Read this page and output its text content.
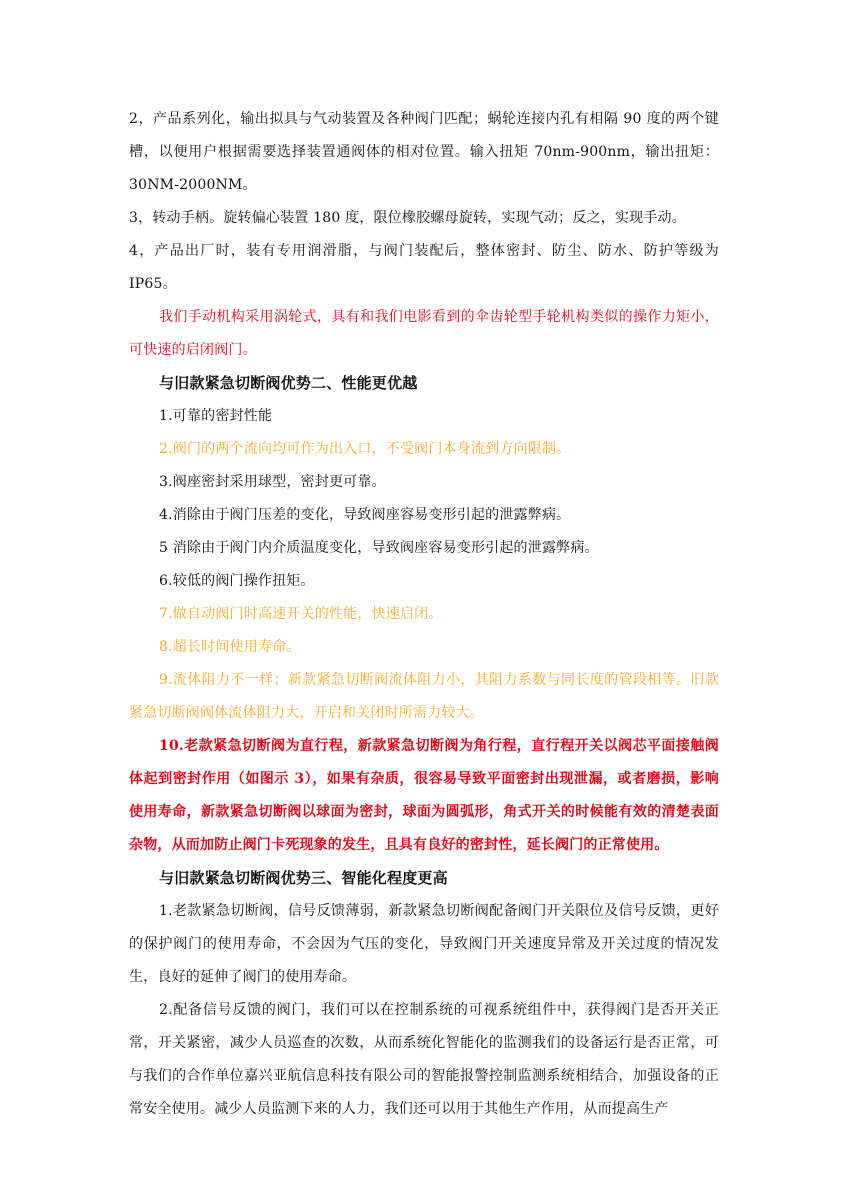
2，产品系列化，输出拟具与气动装置及各种阀门匹配；蜗轮连接内孔有相隔 90 度的两个键槽，以便用户根据需要选择装置通阀体的相对位置。输入扭矩 70nm-900nm，输出扭矩：30NM-2000NM。

3，转动手柄。旋转偏心装置 180 度，限位橡胶螺母旋转，实现气动；反之，实现手动。

4，产品出厂时，装有专用润滑脂，与阀门装配后，整体密封、防尘、防水、防护等级为 IP65。

我们手动机构采用涡轮式，具有和我们电影看到的伞齿轮型手轮机构类似的操作力矩小，可快速的启闭阀门。

与旧款紧急切断阀优势二、性能更优越

1.可靠的密封性能

2.阀门的两个流向均可作为出入口，不受阀门本身流到方向限制。

3.阀座密封采用球型，密封更可靠。

4.消除由于阀门压差的变化，导致阀座容易变形引起的泄露弊病。

5 消除由于阀门内介质温度变化，导致阀座容易变形引起的泄露弊病。

6.较低的阀门操作扭矩。

7.做自动阀门时高速开关的性能，快速启闭。

8.超长时间使用寿命。

9.流体阻力不一样；新款紧急切断阀流体阻力小，其阻力系数与同长度的管段相等。旧款紧急切断阀阀体流体阻力大，开启和关闭时所需力较大。

10.老款紧急切断阀为直行程，新款紧急切断阀为角行程，直行程开关以阀芯平面接触阀体起到密封作用（如图示 3），如果有杂质，很容易导致平面密封出现泄漏，或者磨损，影响使用寿命，新款紧急切断阀以球面为密封，球面为圆弧形，角式开关的时候能有效的清楚表面杂物，从而加防止阀门卡死现象的发生，且具有良好的密封性，延长阀门的正常使用。

与旧款紧急切断阀优势三、智能化程度更高

1.老款紧急切断阀，信号反馈薄弱，新款紧急切断阀配备阀门开关限位及信号反馈，更好的保护阀门的使用寿命，不会因为气压的变化，导致阀门开关速度异常及开关过度的情况发生，良好的延伸了阀门的使用寿命。

2.配备信号反馈的阀门，我们可以在控制系统的可视系统组件中，获得阀门是否开关正常，开关紧密，减少人员巡查的次数，从而系统化智能化的监测我们的设备运行是否正常，可与我们的合作单位嘉兴亚航信息科技有限公司的智能报警控制监测系统相结合，加强设备的正常安全使用。减少人员监测下来的人力，我们还可以用于其他生产作用，从而提高生产
